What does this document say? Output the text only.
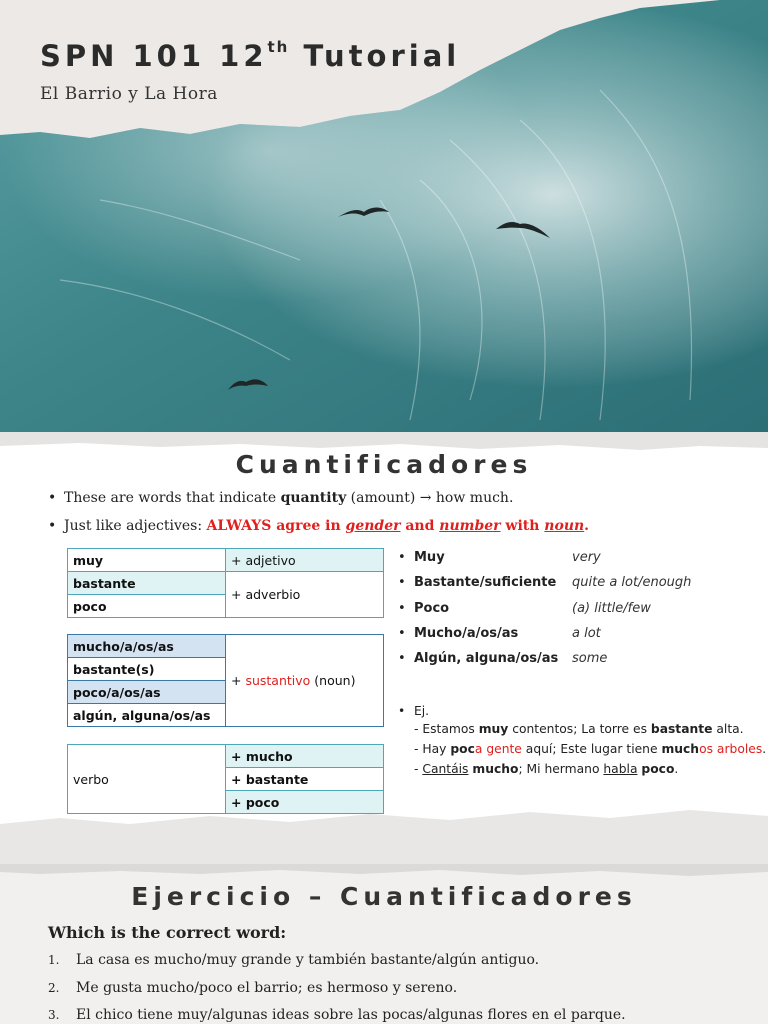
SPN 101 12th Tutorial
El Barrio y La Hora
Cuantificadores
• These are words that indicate quantity (amount) → how much.
• Just like adjectives: ALWAYS agree in gender and number with noun.
muy	+ adjetivo
bastante	+ adverbio
poco	
mucho/a/os/as	+ sustantivo (noun)
bastante(s)
poco/a/os/as
algún, alguna/os/as
verbo	+ mucho
+ bastante
+ poco
• Muy	very
• Bastante/suficiente quite a lot/enough
• Poco	(a) little/few
• Mucho/a/os/as	a lot
• Algún, alguna/os/as some
• Ej.
- Estamos muy contentos; La torre es bastante alta.
- Hay poca gente aquí; Este lugar tiene muchos arboles.
- Cantáis mucho; Mi hermano habla poco.
Ejercicio – Cuantificadores
Which is the correct word:
1. La casa es mucho/muy grande y también bastante/algún antiguo.
2. Me gusta mucho/poco el barrio; es hermoso y sereno.
3. El chico tiene muy/algunas ideas sobre las pocas/algunas flores en el parque.
